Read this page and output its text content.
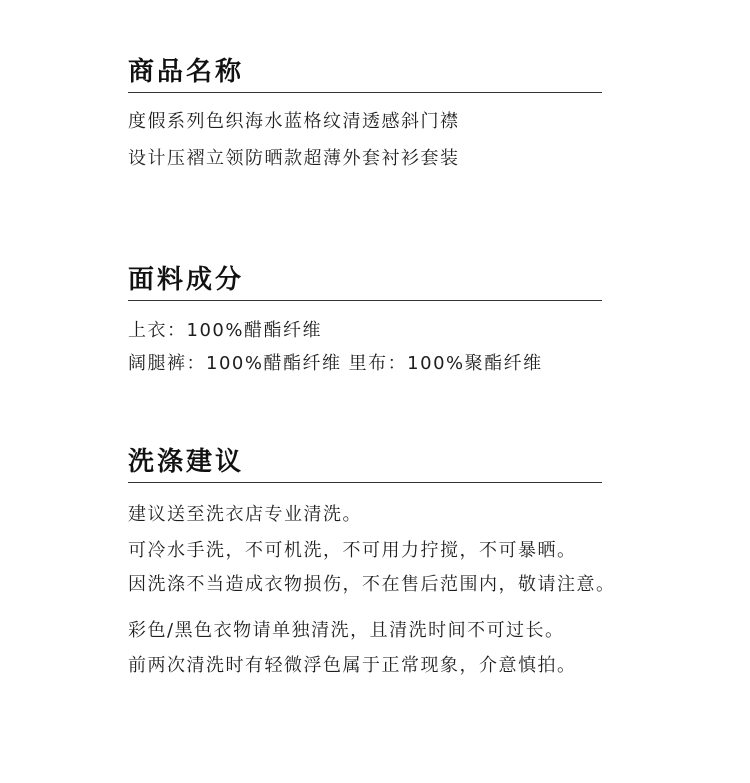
商品名称
度假系列色织海水蓝格纹清透感斜门襟
设计压褶立领防晒款超薄外套衬衫套装
面料成分
上衣：100%醋酯纤维
阔腿裤：100%醋酯纤维 里布：100%聚酯纤维
洗涤建议
建议送至洗衣店专业清洗。
可冷水手洗，不可机洗，不可用力拧搅，不可暴晒。
因洗涤不当造成衣物损伤，不在售后范围内，敬请注意。
彩色/黑色衣物请单独清洗，且清洗时间不可过长。
前两次清洗时有轻微浮色属于正常现象，介意慎拍。
